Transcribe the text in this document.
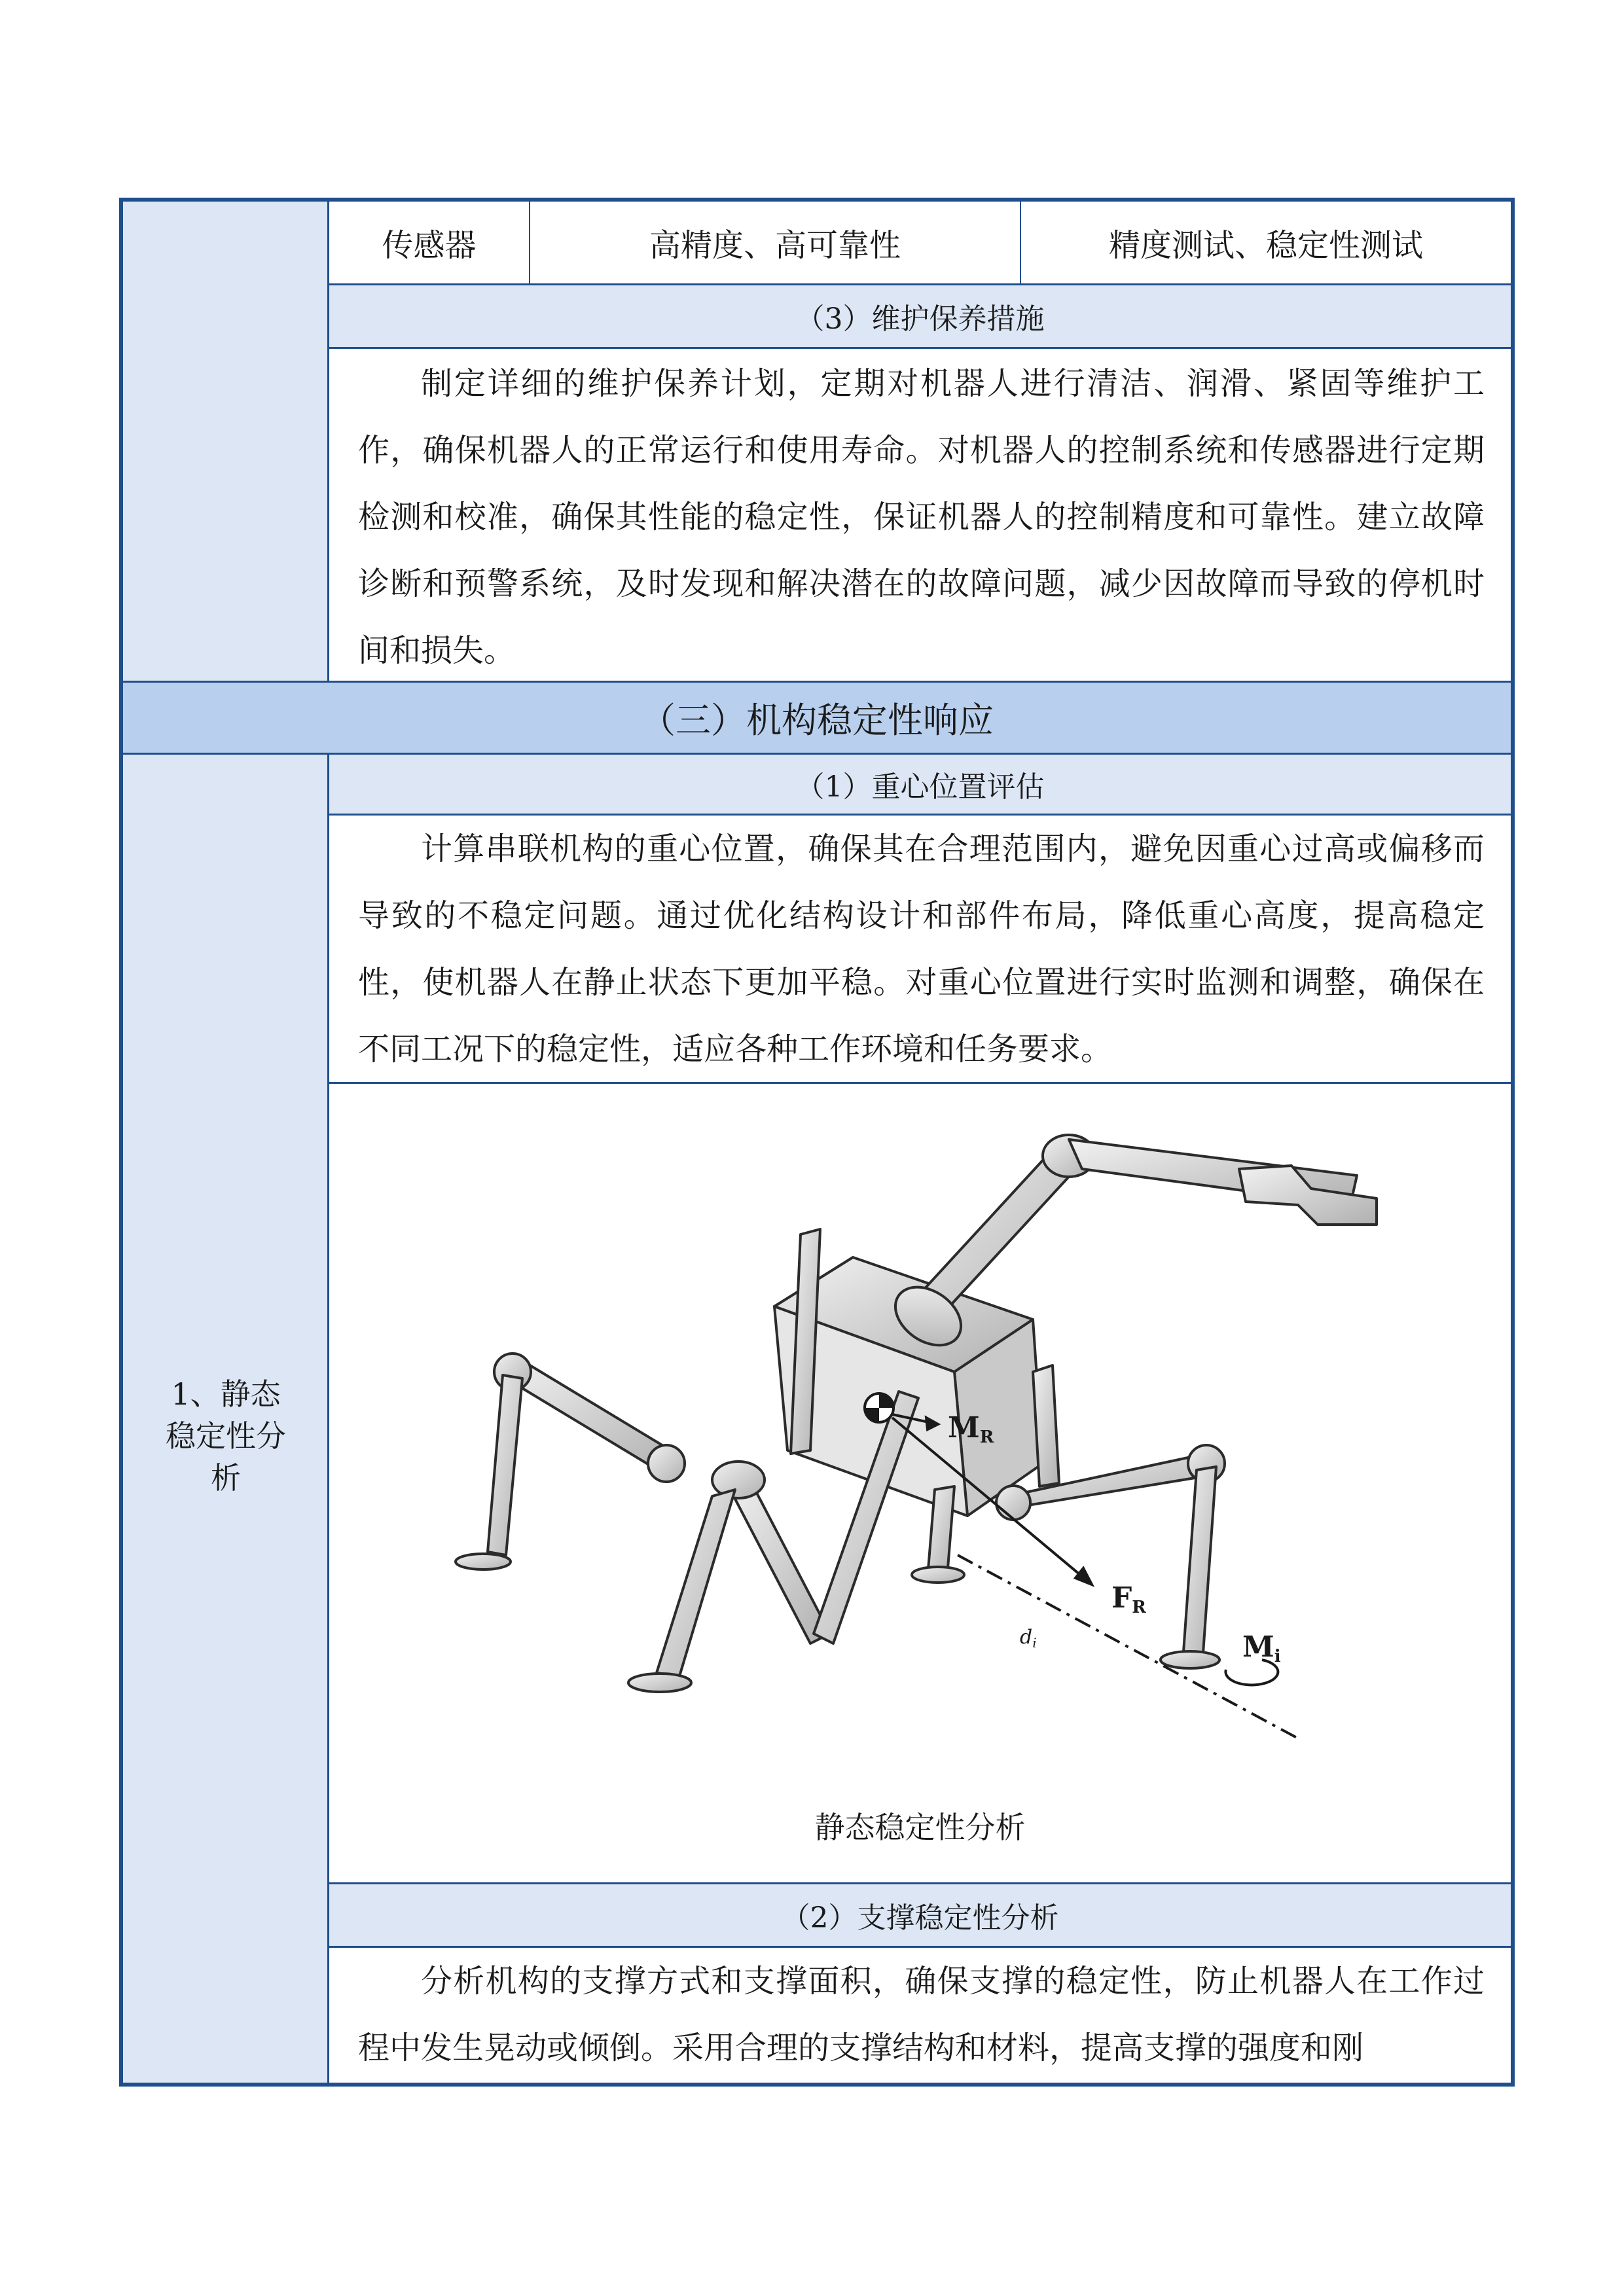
传感器	高精度、高可靠性	精度测试、稳定性测试
（3）维护保养措施
制定详细的维护保养计划，定期对机器人进行清洁、润滑、紧固等维护工作，确保机器人的正常运行和使用寿命。对机器人的控制系统和传感器进行定期检测和校准，确保其性能的稳定性，保证机器人的控制精度和可靠性。建立故障诊断和预警系统，及时发现和解决潜在的故障问题，减少因故障而导致的停机时间和损失。
（三）机构稳定性响应
1、静态稳定性分析
（1）重心位置评估
计算串联机构的重心位置，确保其在合理范围内，避免因重心过高或偏移而导致的不稳定问题。通过优化结构设计和部件布局，降低重心高度，提高稳定性，使机器人在静止状态下更加平稳。对重心位置进行实时监测和调整，确保在不同工况下的稳定性，适应各种工作环境和任务要求。
MR
FR
$d_i$	Mi
静态稳定性分析
（2）支撑稳定性分析
分析机构的支撑方式和支撑面积，确保支撑的稳定性，防止机器人在工作过程中发生晃动或倾倒。采用合理的支撑结构和材料，提高支撑的强度和刚
